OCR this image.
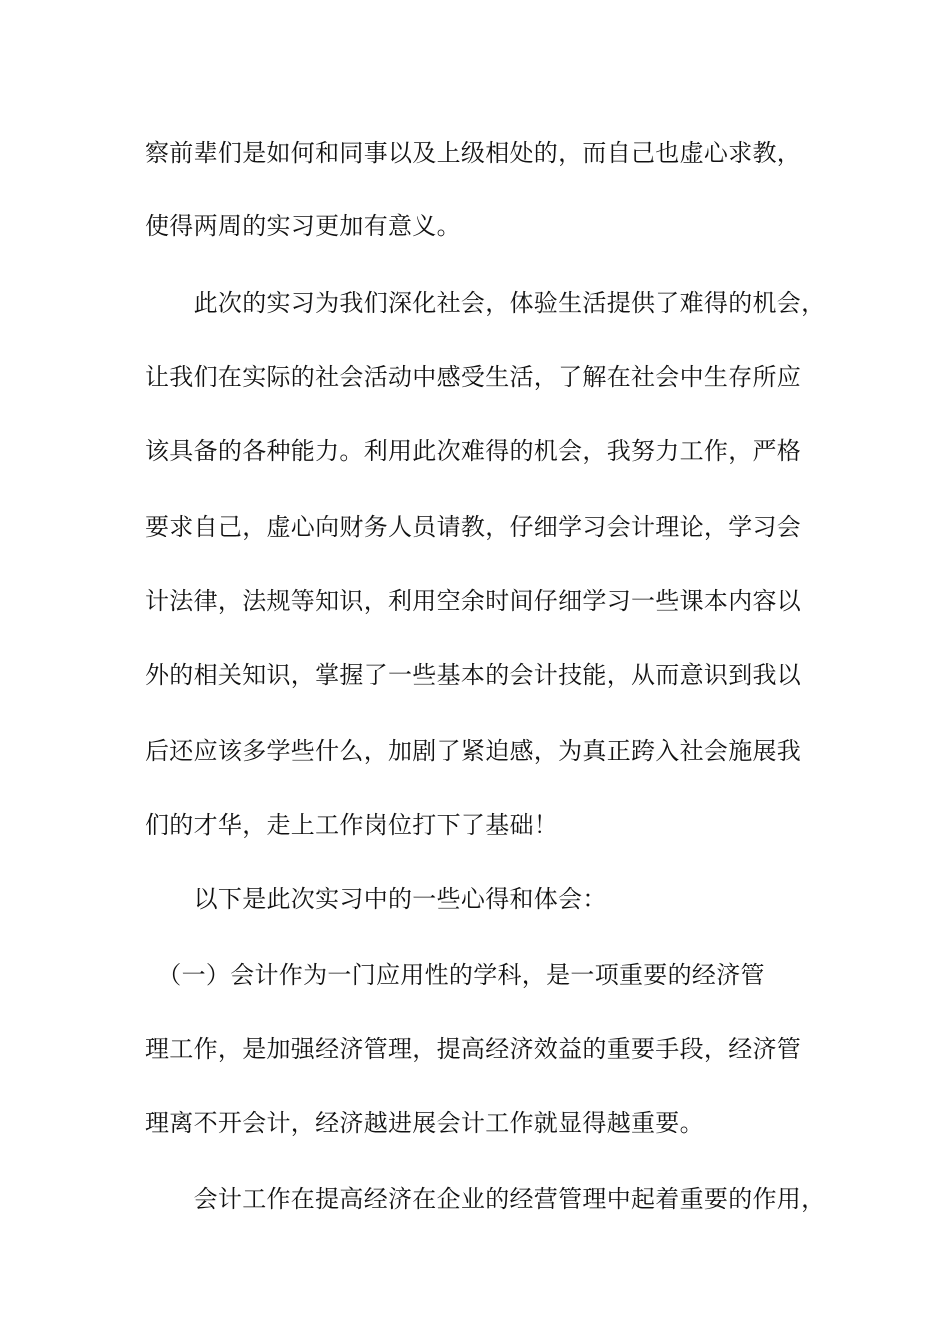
察前辈们是如何和同事以及上级相处的，而自己也虚心求教，
使得两周的实习更加有意义。
　　此次的实习为我们深化社会，体验生活提供了难得的机会，
让我们在实际的社会活动中感受生活，了解在社会中生存所应
该具备的各种能力。利用此次难得的机会，我努力工作，严格
要求自己，虚心向财务人员请教，仔细学习会计理论，学习会
计法律，法规等知识，利用空余时间仔细学习一些课本内容以
外的相关知识，掌握了一些基本的会计技能，从而意识到我以
后还应该多学些什么，加剧了紧迫感，为真正跨入社会施展我
们的才华，走上工作岗位打下了基础！
　　以下是此次实习中的一些心得和体会：
　（一）会计作为一门应用性的学科，是一项重要的经济管
理工作，是加强经济管理，提高经济效益的重要手段，经济管
理离不开会计，经济越进展会计工作就显得越重要。
　　会计工作在提高经济在企业的经营管理中起着重要的作用，
